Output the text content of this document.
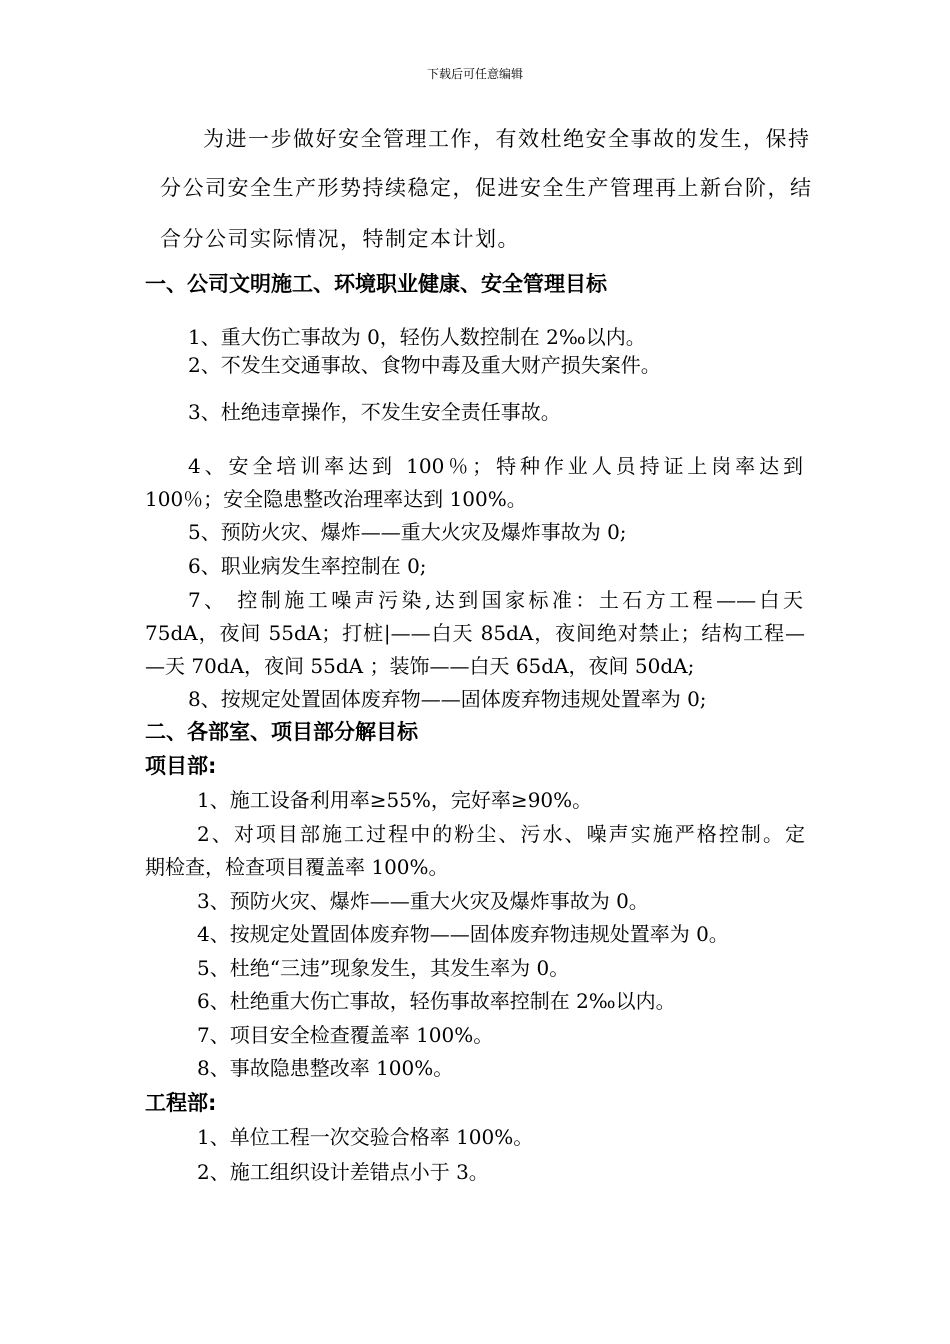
下载后可任意编辑
为进一步做好安全管理工作，有效杜绝安全事故的发生，保持
分公司安全生产形势持续稳定，促进安全生产管理再上新台阶，结
合分公司实际情况，特制定本计划。
一、公司文明施工、环境职业健康、安全管理目标
1、重大伤亡事故为 0，轻伤人数控制在 2‰以内。
2、不发生交通事故、食物中毒及重大财产损失案件。
3、杜绝违章操作，不发生安全责任事故。
4、安全培训率达到 100％；特种作业人员持证上岗率达到
100％；安全隐患整改治理率达到 100%。
5、预防火灾、爆炸——重大火灾及爆炸事故为 0;
6、职业病发生率控制在 0;
7、 控制施工噪声污染,达到国家标准：土石方工程——白天
75dA，夜间 55dA；打桩|——白天 85dA，夜间绝对禁止；结构工程—
—天 70dA，夜间 55dA ；装饰——白天 65dA，夜间 50dA;
8、按规定处置固体废弃物——固体废弃物违规处置率为 0;
二、各部室、项目部分解目标
项目部:
1、施工设备利用率≥55%，完好率≥90%。
2、对项目部施工过程中的粉尘、污水、噪声实施严格控制。定
期检查，检查项目覆盖率 100%。
3、预防火灾、爆炸——重大火灾及爆炸事故为 0。
4、按规定处置固体废弃物——固体废弃物违规处置率为 0。
5、杜绝“三违”现象发生，其发生率为 0。
6、杜绝重大伤亡事故，轻伤事故率控制在 2‰以内。
7、项目安全检查覆盖率 100%。
8、事故隐患整改率 100%。
工程部:
1、单位工程一次交验合格率 100%。
2、施工组织设计差错点小于 3。
